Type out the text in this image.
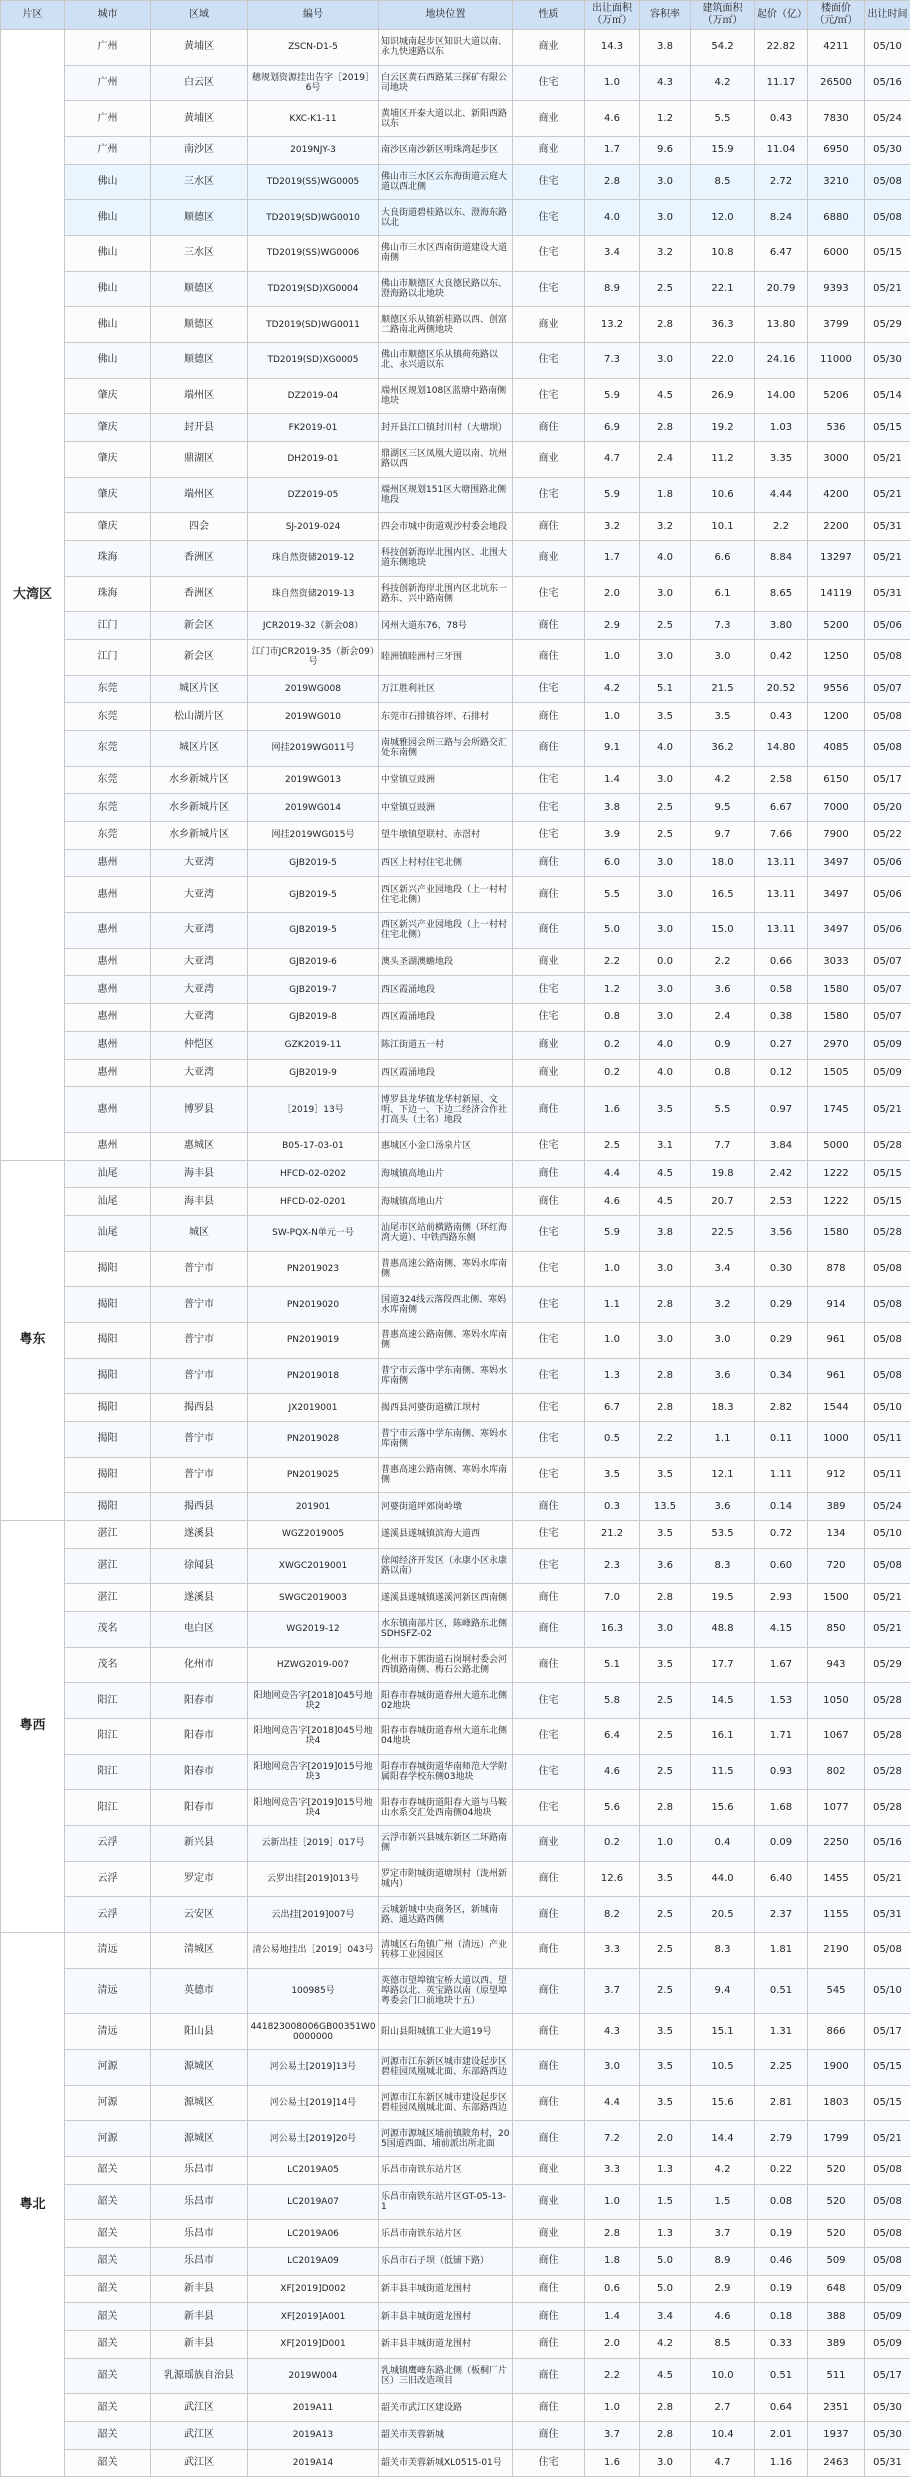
片区	城市	区域	编号	地块位置	性质	出让面积（万㎡）	容积率	建筑面积（万㎡）	起价（亿）	楼面价（元/㎡）	出让时间
大湾区	广州	黄埔区	ZSCN-D1-5	知识城南起步区知识大道以南、永九快速路以东	商业	14.3	3.8	54.2	22.82	4211	05/10
	广州	白云区	穗规划资源挂出告字［2019］6号	白云区黄石西路某三探矿有限公司地块	住宅	1.0	4.3	4.2	11.17	26500	05/16
	广州	黄埔区	KXC-K1-11	黄埔区开泰大道以北、新阳西路以东	商业	4.6	1.2	5.5	0.43	7830	05/24
	广州	南沙区	2019NJY-3	南沙区南沙新区明珠湾起步区	商业	1.7	9.6	15.9	11.04	6950	05/30
	佛山	三水区	TD2019(SS)WG0005	佛山市三水区云东海街道云庭大道以西北侧	住宅	2.8	3.0	8.5	2.72	3210	05/08
	佛山	顺德区	TD2019(SD)WG0010	大良街道碧桂路以东、澄海东路以北	住宅	4.0	3.0	12.0	8.24	6880	05/08
	佛山	三水区	TD2019(SS)WG0006	佛山市三水区西南街道建设大道南侧	住宅	3.4	3.2	10.8	6.47	6000	05/15
	佛山	顺德区	TD2019(SD)XG0004	佛山市顺德区大良德民路以东、澄海路以北地块	住宅	8.9	2.5	22.1	20.79	9393	05/21
	佛山	顺德区	TD2019(SD)WG0011	顺德区乐从镇新桂路以西、创富二路南北两侧地块	商业	13.2	2.8	36.3	13.80	3799	05/29
	佛山	顺德区	TD2019(SD)XG0005	佛山市顺德区乐从镇荷苑路以北、永兴道以东	住宅	7.3	3.0	22.0	24.16	11000	05/30
	肇庆	端州区	DZ2019-04	端州区规划108区蓝塘中路南侧地块	住宅	5.9	4.5	26.9	14.00	5206	05/14
	肇庆	封开县	FK2019-01	封开县江口镇封川村（大塘坝）	商住	6.9	2.8	19.2	1.03	536	05/15
	肇庆	鼎湖区	DH2019-01	鼎湖区三区凤凰大道以南、坑州路以西	商业	4.7	2.4	11.2	3.35	3000	05/21
	肇庆	端州区	DZ2019-05	端州区规划151区大塘围路北侧地段	住宅	5.9	1.8	10.6	4.44	4200	05/21
	肇庆	四会	SJ-2019-024	四会市城中街道观沙村委会地段	商住	3.2	3.2	10.1	2.2	2200	05/31
	珠海	香洲区	珠自然资储2019-12	科技创新海岸北围内区、北围大道东侧地块	商业	1.7	4.0	6.6	8.84	13297	05/21
	珠海	香洲区	珠自然资储2019-13	科技创新海岸北围内区北坑东一路东、兴中路南侧	住宅	2.0	3.0	6.1	8.65	14119	05/31
	江门	新会区	JCR2019-32（新会08）	冈州大道东76、78号	商住	2.9	2.5	7.3	3.80	5200	05/06
	江门	新会区	江门市JCR2019-35（新会09）号	睦洲镇睦洲村三牙围	商住	1.0	3.0	3.0	0.42	1250	05/08
	东莞	城区片区	2019WG008	万江胜利社区	住宅	4.2	5.1	21.5	20.52	9556	05/07
	东莞	松山湖片区	2019WG010	东莞市石排镇谷坪、石排村	商住	1.0	3.5	3.5	0.43	1200	05/08
	东莞	城区片区	网挂2019WG011号	南城雅园会所三路与会所路交汇处东南侧	商住	9.1	4.0	36.2	14.80	4085	05/08
	东莞	水乡新城片区	2019WG013	中堂镇豆豉洲	住宅	1.4	3.0	4.2	2.58	6150	05/17
	东莞	水乡新城片区	2019WG014	中堂镇豆豉洲	住宅	3.8	2.5	9.5	6.67	7000	05/20
	东莞	水乡新城片区	网挂2019WG015号	望牛墩镇望联村、赤滘村	住宅	3.9	2.5	9.7	7.66	7900	05/22
	惠州	大亚湾	GJB2019-5	西区上村村住宅北侧	商住	6.0	3.0	18.0	13.11	3497	05/06
	惠州	大亚湾	GJB2019-5	西区新兴产业园地段（上一村村住宅北侧）	商住	5.5	3.0	16.5	13.11	3497	05/06
	惠州	大亚湾	GJB2019-5	西区新兴产业园地段（上一村村住宅北侧）	商住	5.0	3.0	15.0	13.11	3497	05/06
	惠州	大亚湾	GJB2019-6	澳头圣湖澳蟾地段	商业	2.2	0.0	2.2	0.66	3033	05/07
	惠州	大亚湾	GJB2019-7	西区霞涌地段	住宅	1.2	3.0	3.6	0.58	1580	05/07
	惠州	大亚湾	GJB2019-8	西区霞涌地段	住宅	0.8	3.0	2.4	0.38	1580	05/07
	惠州	仲恺区	GZK2019-11	陈江街道五一村	商业	0.2	4.0	0.9	0.27	2970	05/09
	惠州	大亚湾	GJB2019-9	西区霞涌地段	商业	0.2	4.0	0.8	0.12	1505	05/09
	惠州	博罗县	［2019］13号	博罗县龙华镇龙华村新屋、文明、下边一、下边二经济合作社打高头（土名）地段	商住	1.6	3.5	5.5	0.97	1745	05/21
	惠州	惠城区	B05-17-03-01	惠城区小金口汤泉片区	住宅	2.5	3.1	7.7	3.84	5000	05/28
粤东	汕尾	海丰县	HFCD-02-0202	海城镇高地山片	商住	4.4	4.5	19.8	2.42	1222	05/15
	汕尾	海丰县	HFCD-02-0201	海城镇高地山片	商住	4.6	4.5	20.7	2.53	1222	05/15
	汕尾	城区	SW-PQX-N单元一号	汕尾市区站前横路南侧（环红海湾大道）、中铁西路东侧	住宅	5.9	3.8	22.5	3.56	1580	05/28
	揭阳	普宁市	PN2019023	普惠高速公路南侧、寒妈水库南侧	住宅	1.0	3.0	3.4	0.30	878	05/08
	揭阳	普宁市	PN2019020	国道324线云落段西北侧、寒妈水库南侧	住宅	1.1	2.8	3.2	0.29	914	05/08
	揭阳	普宁市	PN2019019	普惠高速公路南侧、寒妈水库南侧	住宅	1.0	3.0	3.0	0.29	961	05/08
	揭阳	普宁市	PN2019018	普宁市云落中学东南侧、寒妈水库南侧	住宅	1.3	2.8	3.6	0.34	961	05/08
	揭阳	揭西县	JX2019001	揭西县河婆街道横江坝村	住宅	6.7	2.8	18.3	2.82	1544	05/10
	揭阳	普宁市	PN2019028	普宁市云落中学东南侧、寒妈水库南侧	住宅	0.5	2.2	1.1	0.11	1000	05/11
	揭阳	普宁市	PN2019025	普惠高速公路南侧、寒妈水库南侧	住宅	3.5	3.5	12.1	1.11	912	05/11
	揭阳	揭西县	201901	河婆街道坪郊岗岭墩	商住	0.3	13.5	3.6	0.14	389	05/24
粤西	湛江	遂溪县	WGZ2019005	遂溪县遂城镇滨海大道西	住宅	21.2	3.5	53.5	0.72	134	05/10
	湛江	徐闻县	XWGC2019001	徐闻经济开发区（永康小区永康路以南）	住宅	2.3	3.6	8.3	0.60	720	05/08
	湛江	遂溪县	SWGC2019003	遂溪县遂城镇遂溪河新区西南侧	商住	7.0	2.8	19.5	2.93	1500	05/21
	茂名	电白区	WG2019-12	水东镇南部片区，陈峰路东北侧SDHSFZ-02	商住	16.3	3.0	48.8	4.15	850	05/21
	茂名	化州市	HZWG2019-007	化州市下郭街道石岗垌村委会河西镇路南侧、梅石公路北侧	商住	5.1	3.5	17.7	1.67	943	05/29
	阳江	阳春市	阳地网竞告字[2018]045号地块2	阳春市春城街道春州大道东北侧02地块	住宅	5.8	2.5	14.5	1.53	1050	05/28
	阳江	阳春市	阳地网竞告字[2018]045号地块4	阳春市春城街道春州大道东北侧04地块	住宅	6.4	2.5	16.1	1.71	1067	05/28
	阳江	阳春市	阳地网竞告字[2019]015号地块3	阳春市春城街道华南师范大学附属阳春学校东侧03地块	住宅	4.6	2.5	11.5	0.93	802	05/28
	阳江	阳春市	阳地网竞告字[2019]015号地块4	阳春市春城街道阳春大道与马鞍山水系交汇处西南侧04地块	住宅	5.6	2.8	15.6	1.68	1077	05/28
	云浮	新兴县	云新出挂［2019］017号	云浮市新兴县城东新区二环路南侧	商业	0.2	1.0	0.4	0.09	2250	05/16
	云浮	罗定市	云罗出挂[2019]013号	罗定市附城街道塘坝村（泷州新城内）	商住	12.6	3.5	44.0	6.40	1455	05/21
	云浮	云安区	云出挂[2019]007号	云城新城中央商务区，新城南路、通达路西侧	商住	8.2	2.5	20.5	2.37	1155	05/31
粤北	清远	清城区	清公易地挂出［2019］043号	清城区石角镇广州（清远）产业转移工业园园区	商住	3.3	2.5	8.3	1.81	2190	05/08
	清远	英德市	100985号	英德市望埠镇宝桥大道以西、望埠路以北、英宝路以南（原望埠粤委会门口前地块十五）	商住	3.7	2.5	9.4	0.51	545	05/10
	清远	阳山县	441823008006GB00351W00000000	阳山县阳城镇工业大道19号	商住	4.3	3.5	15.1	1.31	866	05/17
	河源	源城区	河公易土[2019]13号	河源市江东新区城市建设起步区碧桂园凤凰城北面、东部路西边	商住	3.0	3.5	10.5	2.25	1900	05/15
	河源	源城区	河公易土[2019]14号	河源市江东新区城市建设起步区碧桂园凤凰城北面、东部路西边	商住	4.4	3.5	15.6	2.81	1803	05/15
	河源	源城区	河公易土[2019]20号	河源市源城区埔前镇陂角村，205国道西面、埔前派出所北面	商住	7.2	2.0	14.4	2.79	1799	05/21
	韶关	乐昌市	LC2019A05	乐昌市南铁东站片区	商业	3.3	1.3	4.2	0.22	520	05/08
	韶关	乐昌市	LC2019A07	乐昌市南铁东站片区GT-05-13-1	商业	1.0	1.5	1.5	0.08	520	05/08
	韶关	乐昌市	LC2019A06	乐昌市南铁东站片区	商业	2.8	1.3	3.7	0.19	520	05/08
	韶关	乐昌市	LC2019A09	乐昌市石子坝（低铺下路）	商住	1.8	5.0	8.9	0.46	509	05/08
	韶关	新丰县	XF[2019]D002	新丰县丰城街道龙围村	商住	0.6	5.0	2.9	0.19	648	05/09
	韶关	新丰县	XF[2019]A001	新丰县丰城街道龙围村	商住	1.4	3.4	4.6	0.18	388	05/09
	韶关	新丰县	XF[2019]D001	新丰县丰城街道龙围村	商住	2.0	4.2	8.5	0.33	389	05/09
	韶关	乳源瑶族自治县	2019W004	乳城镇鹰峰东路北侧（板桐厂片区）三旧改造项目	商住	2.2	4.5	10.0	0.51	511	05/17
	韶关	武江区	2019A11	韶关市武江区建设路	商住	1.0	2.8	2.7	0.64	2351	05/30
	韶关	武江区	2019A13	韶关市芙蓉新城	商住	3.7	2.8	10.4	2.01	1937	05/30
	韶关	武江区	2019A14	韶关市芙蓉新城XL0515-01号	住宅	1.6	3.0	4.7	1.16	2463	05/31
